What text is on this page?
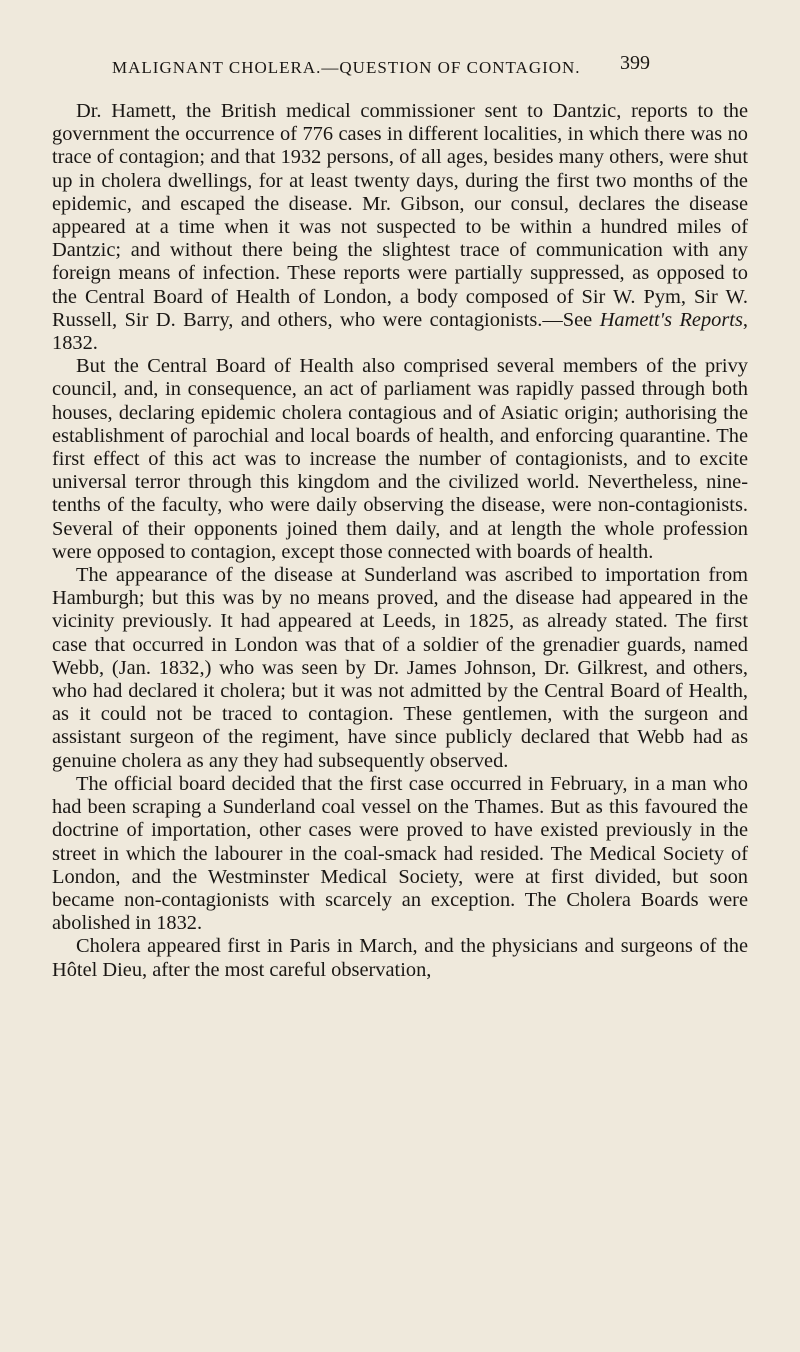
MALIGNANT CHOLERA.—QUESTION OF CONTAGION.	399

Dr. Hamett, the British medical commissioner sent to Dantzic, reports to the government the occurrence of 776 cases in different localities, in which there was no trace of contagion; and that 1932 persons, of all ages, besides many others, were shut up in cholera dwellings, for at least twenty days, during the first two months of the epidemic, and escaped the disease. Mr. Gibson, our consul, declares the disease appeared at a time when it was not suspected to be within a hundred miles of Dantzic; and without there being the slightest trace of communication with any foreign means of infection. These reports were partially suppressed, as opposed to the Central Board of Health of London, a body composed of Sir W. Pym, Sir W. Russell, Sir D. Barry, and others, who were contagionists.—See Hamett's Reports, 1832.

But the Central Board of Health also comprised several members of the privy council, and, in consequence, an act of parliament was rapidly passed through both houses, declaring epidemic cholera contagious and of Asiatic origin; authorising the establishment of parochial and local boards of health, and enforcing quarantine. The first effect of this act was to increase the number of contagionists, and to excite universal terror through this kingdom and the civilized world. Nevertheless, nine-tenths of the faculty, who were daily observing the disease, were non-contagionists. Several of their opponents joined them daily, and at length the whole profession were opposed to contagion, except those connected with boards of health.

The appearance of the disease at Sunderland was ascribed to importation from Hamburgh; but this was by no means proved, and the disease had appeared in the vicinity previously. It had appeared at Leeds, in 1825, as already stated. The first case that occurred in London was that of a soldier of the grenadier guards, named Webb, (Jan. 1832,) who was seen by Dr. James Johnson, Dr. Gilkrest, and others, who had declared it cholera; but it was not admitted by the Central Board of Health, as it could not be traced to contagion. These gentlemen, with the surgeon and assistant surgeon of the regiment, have since publicly declared that Webb had as genuine cholera as any they had subsequently observed.

The official board decided that the first case occurred in February, in a man who had been scraping a Sunderland coal vessel on the Thames. But as this favoured the doctrine of importation, other cases were proved to have existed previously in the street in which the labourer in the coal-smack had resided. The Medical Society of London, and the Westminster Medical Society, were at first divided, but soon became non-contagionists with scarcely an exception. The Cholera Boards were abolished in 1832.

Cholera appeared first in Paris in March, and the physicians and surgeons of the Hôtel Dieu, after the most careful observation,
